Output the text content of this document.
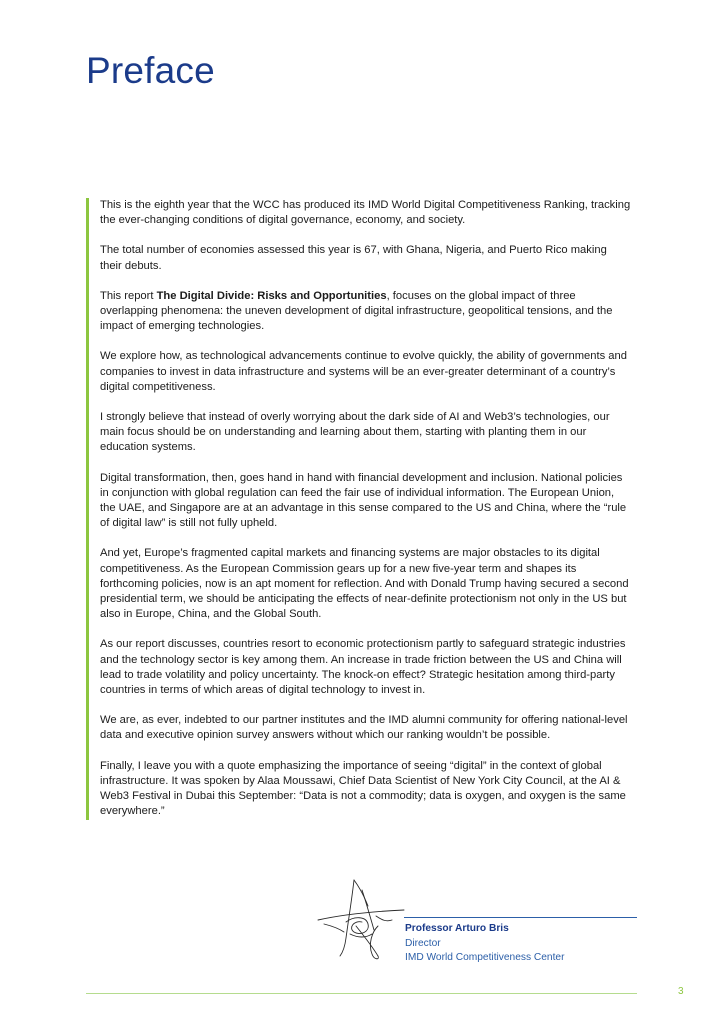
Preface

This is the eighth year that the WCC has produced its IMD World Digital Competitiveness Ranking, tracking the ever-changing conditions of digital governance, economy, and society.

The total number of economies assessed this year is 67, with Ghana, Nigeria, and Puerto Rico making their debuts.

This report The Digital Divide: Risks and Opportunities, focuses on the global impact of three overlapping phenomena: the uneven development of digital infrastructure, geopolitical tensions, and the impact of emerging technologies.

We explore how, as technological advancements continue to evolve quickly, the ability of governments and companies to invest in data infrastructure and systems will be an ever-greater determinant of a country’s digital competitiveness.

I strongly believe that instead of overly worrying about the dark side of AI and Web3’s technologies, our main focus should be on understanding and learning about them, starting with planting them in our education systems.

Digital transformation, then, goes hand in hand with financial development and inclusion. National policies in conjunction with global regulation can feed the fair use of individual information. The European Union, the UAE, and Singapore are at an advantage in this sense compared to the US and China, where the “rule of digital law” is still not fully upheld.

And yet, Europe’s fragmented capital markets and financing systems are major obstacles to its digital competitiveness. As the European Commission gears up for a new five-year term and shapes its forthcoming policies, now is an apt moment for reflection. And with Donald Trump having secured a second presidential term, we should be anticipating the effects of near-definite protectionism not only in the US but also in Europe, China, and the Global South.

As our report discusses, countries resort to economic protectionism partly to safeguard strategic industries and the technology sector is key among them. An increase in trade friction between the US and China will lead to trade volatility and policy uncertainty. The knock-on effect? Strategic hesitation among third-party countries in terms of which areas of digital technology to invest in.

We are, as ever, indebted to our partner institutes and the IMD alumni community for offering national-level data and executive opinion survey answers without which our ranking wouldn’t be possible.

Finally, I leave you with a quote emphasizing the importance of seeing “digital” in the context of global infrastructure. It was spoken by Alaa Moussawi, Chief Data Scientist of New York City Council, at the AI & Web3 Festival in Dubai this September: “Data is not a commodity; data is oxygen, and oxygen is the same everywhere.”

Professor Arturo Bris
Director
IMD World Competitiveness Center
3
